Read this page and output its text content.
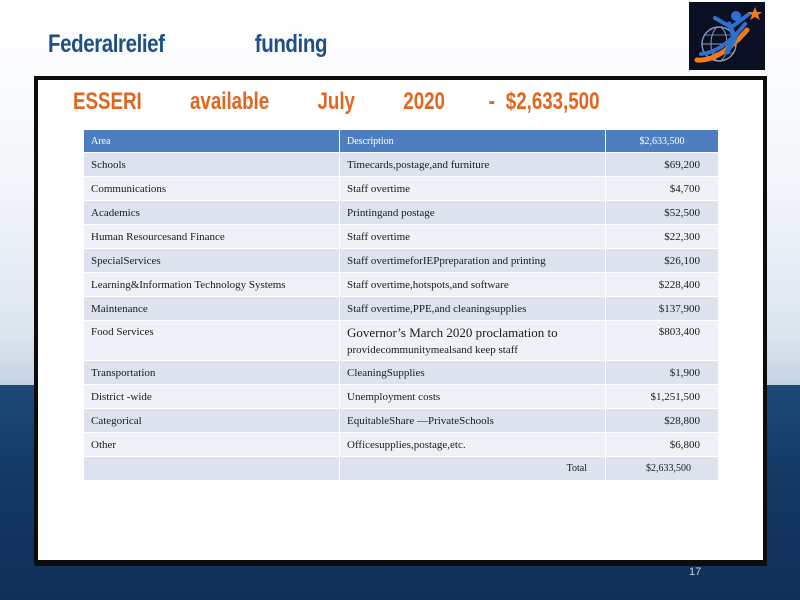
Federalrelief	funding
ESSERI available July 2020 - $2,633,500
Area	Description	$2,633,500
Schools	Timecards,postage,and furniture	$69,200
Communications	Staff overtime	$4,700
Academics	Printingand postage	$52,500
Human Resourcesand Finance	Staff overtime	$22,300
SpecialServices	Staff overtimeforIEPpreparation and printing	$26,100
Learning&Information Technology Systems	Staff overtime,hotspots,and software	$228,400
Maintenance	Staff overtime,PPE,and cleaningsupplies	$137,900
Food Services	Governor’s March 2020 proclamation to
providecommunitymealsand keep staff	$803,400
Transportation	CleaningSupplies	$1,900
District -wide	Unemployment costs	$1,251,500
Categorical	EquitableShare —PrivateSchools	$28,800
Other	Officesupplies,postage,etc.	$6,800
	Total	$2,633,500
17
